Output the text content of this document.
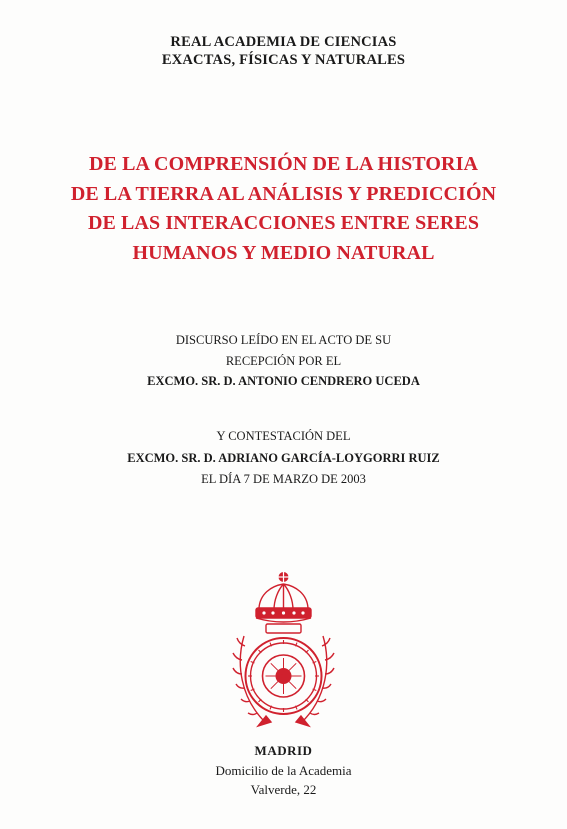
REAL ACADEMIA DE CIENCIAS
EXACTAS, FÍSICAS Y NATURALES
DE LA COMPRENSIÓN DE LA HISTORIA
DE LA TIERRA AL ANÁLISIS Y PREDICCIÓN
DE LAS INTERACCIONES ENTRE SERES
HUMANOS Y MEDIO NATURAL
DISCURSO LEÍDO EN EL ACTO DE SU
RECEPCIÓN POR EL
EXCMO. SR. D. ANTONIO CENDRERO UCEDA
Y CONTESTACIÓN DEL
EXCMO. SR. D. ADRIANO GARCÍA-LOYGORRI RUIZ
EL DÍA 7 DE MARZO DE 2003
MADRID
Domicilio de la Academia
Valverde, 22
